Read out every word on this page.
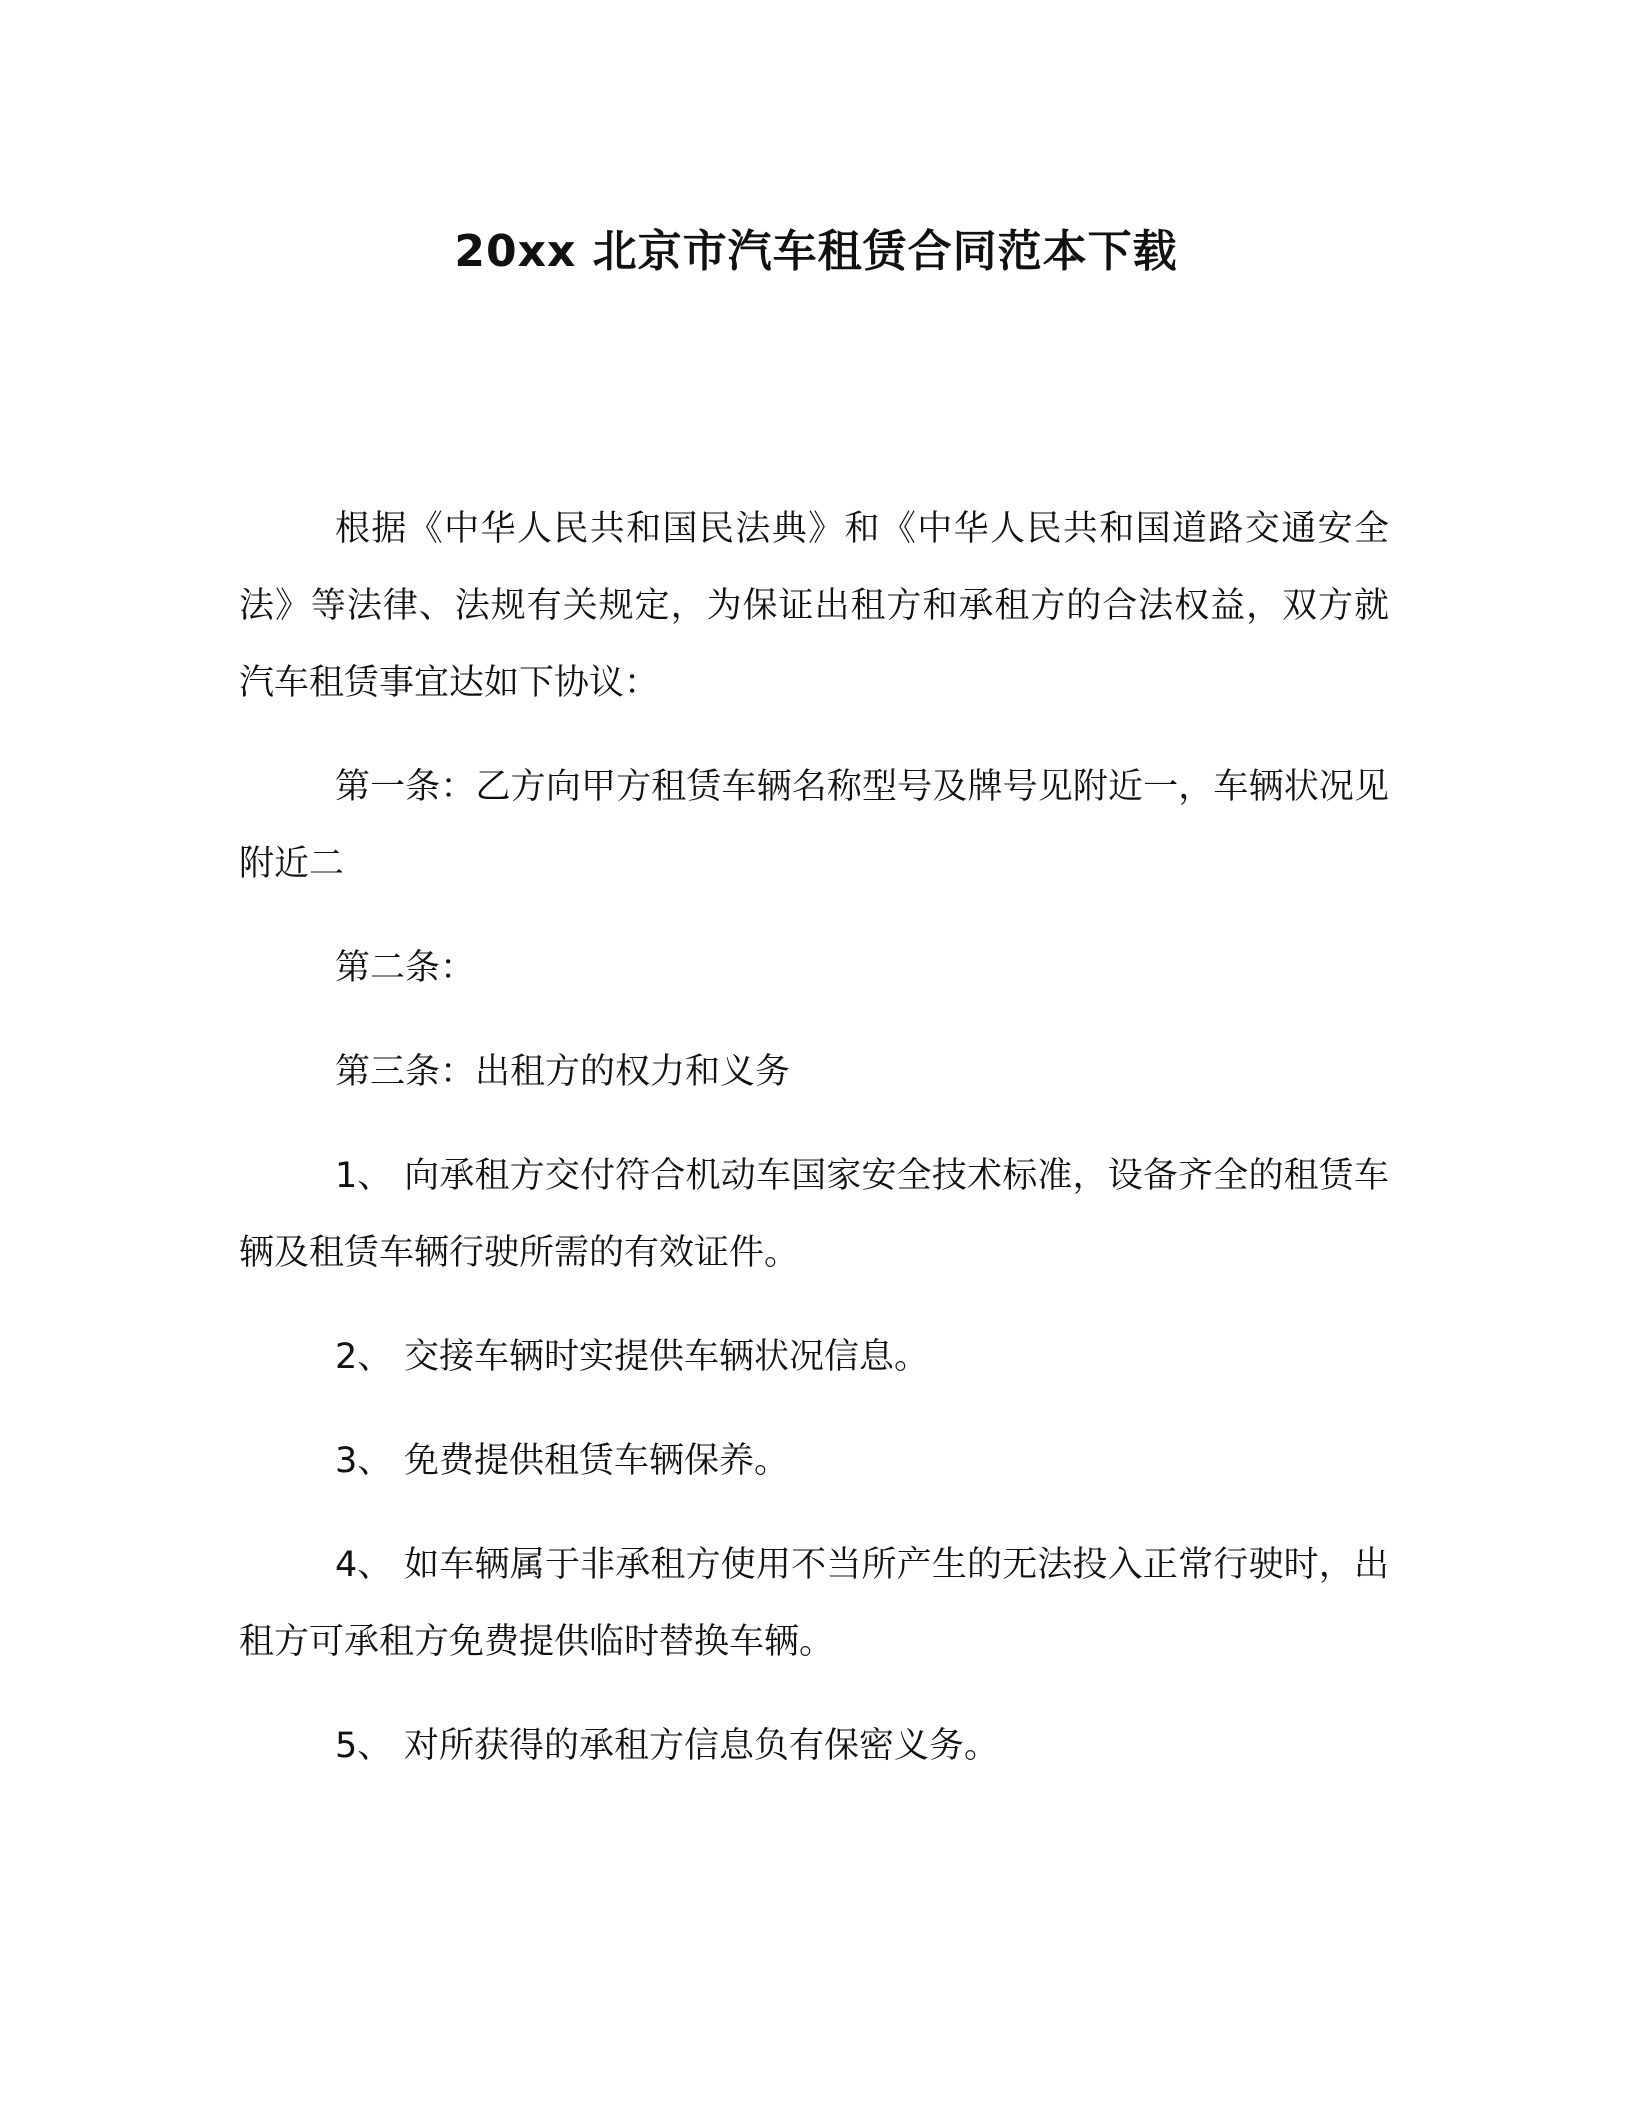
20xx 北京市汽车租赁合同范本下载

根据《中华人民共和国民法典》和《中华人民共和国道路交通安全法》等法律、法规有关规定，为保证出租方和承租方的合法权益，双方就汽车租赁事宜达如下协议：

第一条：乙方向甲方租赁车辆名称型号及牌号见附近一，车辆状况见附近二

第二条：

第三条：出租方的权力和义务

1、 向承租方交付符合机动车国家安全技术标准，设备齐全的租赁车辆及租赁车辆行驶所需的有效证件。

2、 交接车辆时实提供车辆状况信息。

3、 免费提供租赁车辆保养。

4、 如车辆属于非承租方使用不当所产生的无法投入正常行驶时，出租方可承租方免费提供临时替换车辆。

5、 对所获得的承租方信息负有保密义务。
